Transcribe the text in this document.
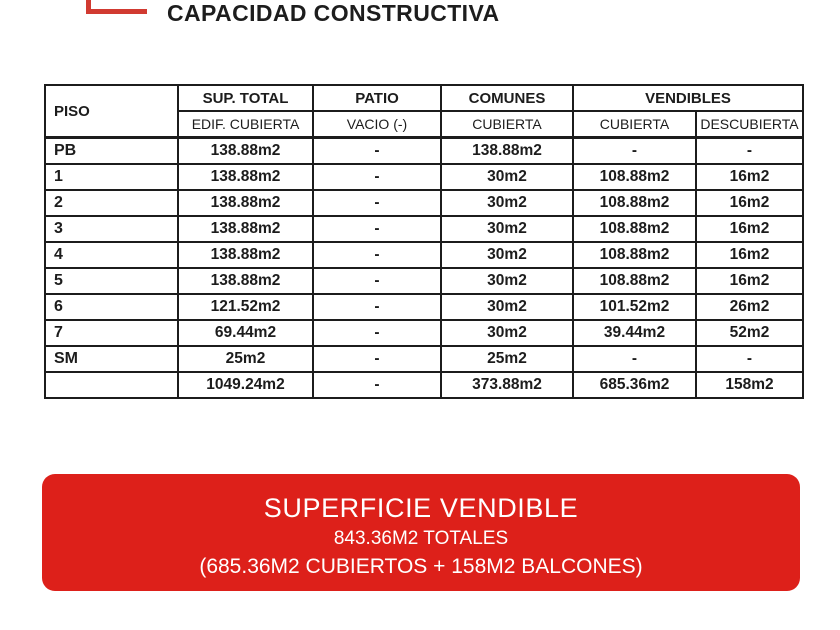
CAPACIDAD CONSTRUCTIVA
PISO	SUP. TOTAL	PATIO	COMUNES	VENDIBLES	
	EDIF. CUBIERTA	VACIO (-)	CUBIERTA	CUBIERTA	DESCUBIERTA
PB	138.88m2	-	138.88m2	-	-
1	138.88m2	-	30m2	108.88m2	16m2
2	138.88m2	-	30m2	108.88m2	16m2
3	138.88m2	-	30m2	108.88m2	16m2
4	138.88m2	-	30m2	108.88m2	16m2
5	138.88m2	-	30m2	108.88m2	16m2
6	121.52m2	-	30m2	101.52m2	26m2
7	69.44m2	-	30m2	39.44m2	52m2
SM	25m2	-	25m2	-	-
	1049.24m2	-	373.88m2	685.36m2	158m2
SUPERFICIE VENDIBLE
843.36M2 TOTALES
(685.36M2 CUBIERTOS + 158M2 BALCONES)
